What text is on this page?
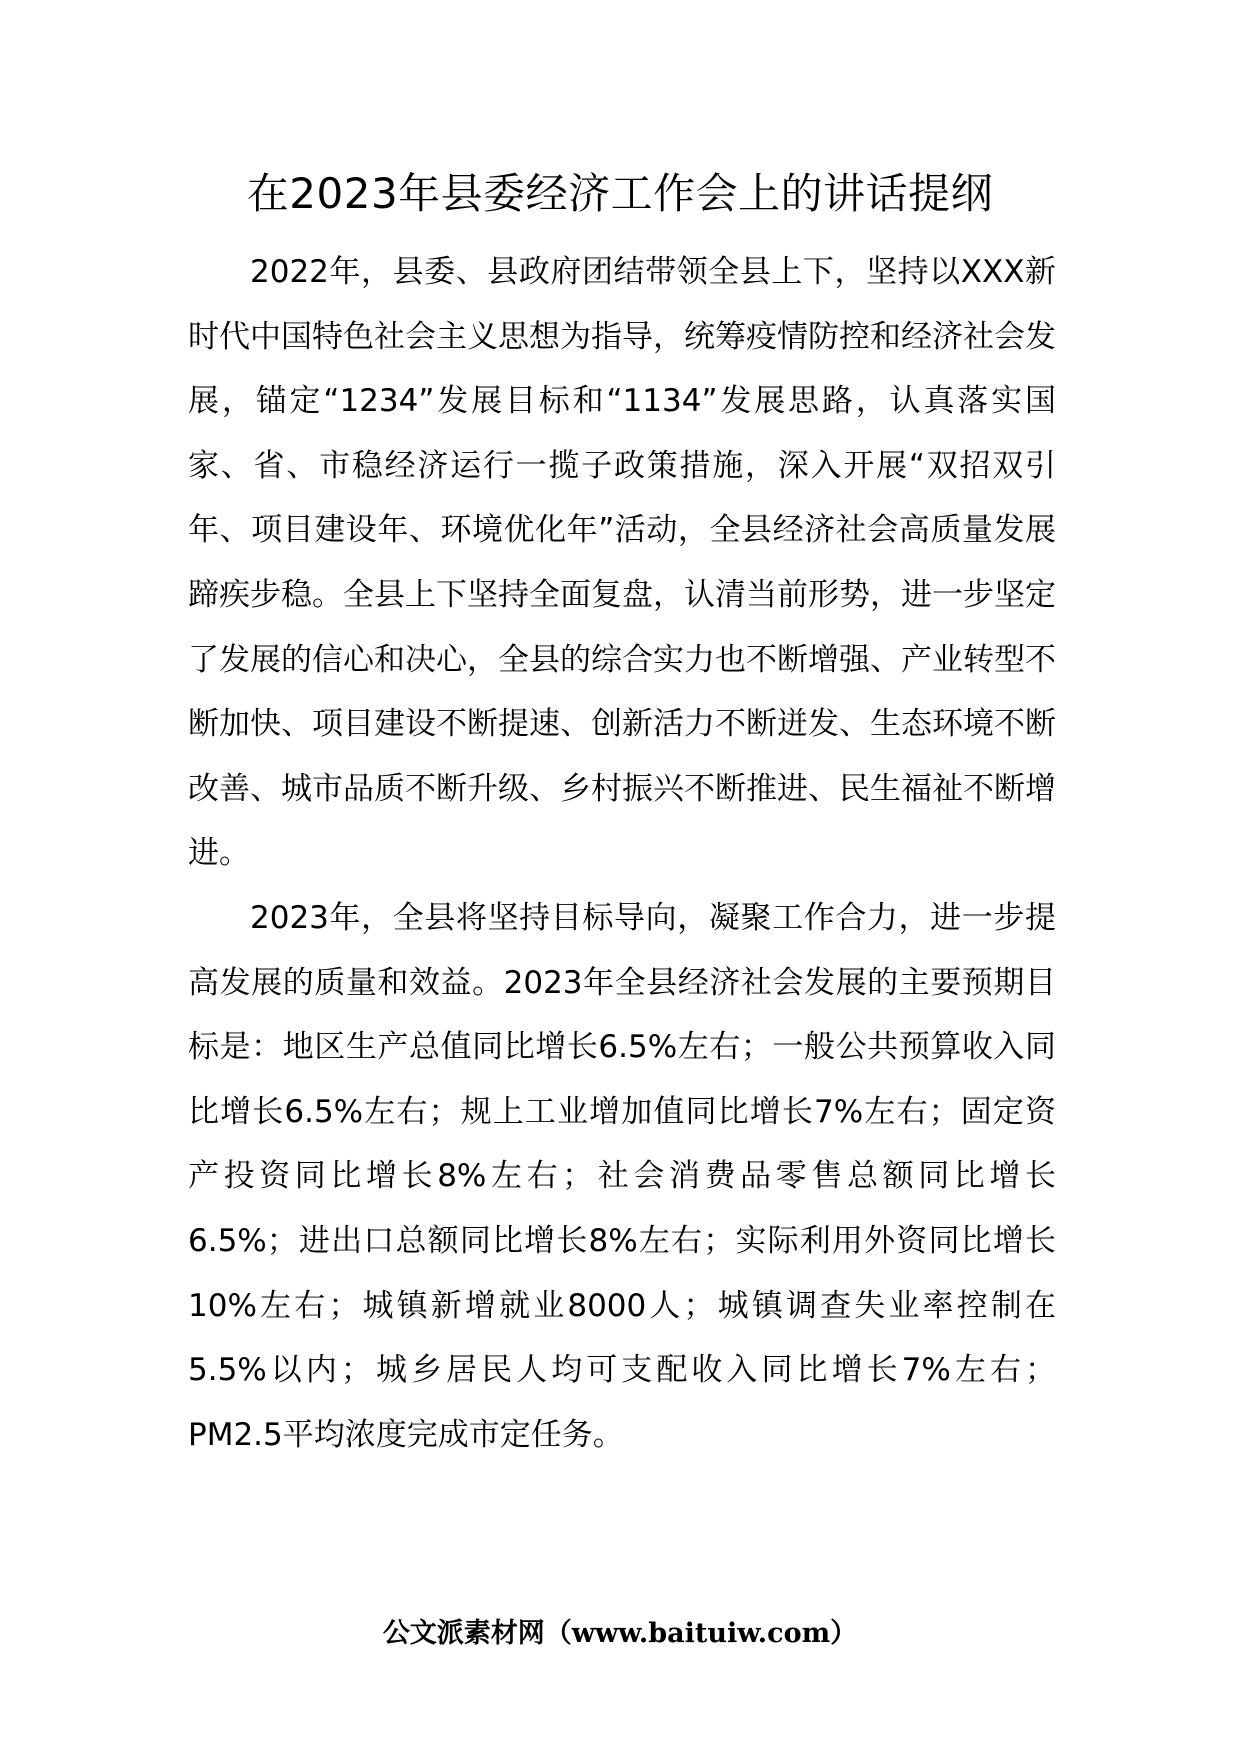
在2023年县委经济工作会上的讲话提纲

2022年，县委、县政府团结带领全县上下，坚持以XXX新时代中国特色社会主义思想为指导，统筹疫情防控和经济社会发展，锚定“1234”发展目标和“1134”发展思路，认真落实国家、省、市稳经济运行一揽子政策措施，深入开展“双招双引年、项目建设年、环境优化年”活动，全县经济社会高质量发展蹄疾步稳。全县上下坚持全面复盘，认清当前形势，进一步坚定了发展的信心和决心，全县的综合实力也不断增强、产业转型不断加快、项目建设不断提速、创新活力不断迸发、生态环境不断改善、城市品质不断升级、乡村振兴不断推进、民生福祉不断增进。

2023年，全县将坚持目标导向，凝聚工作合力，进一步提高发展的质量和效益。2023年全县经济社会发展的主要预期目标是：地区生产总值同比增长6.5%左右；一般公共预算收入同比增长6.5%左右；规上工业增加值同比增长7%左右；固定资产投资同比增长8%左右；社会消费品零售总额同比增长6.5%；进出口总额同比增长8%左右；实际利用外资同比增长10%左右；城镇新增就业8000人；城镇调查失业率控制在5.5%以内；城乡居民人均可支配收入同比增长7%左右；PM2.5平均浓度完成市定任务。

公文派素材网（www.baituiw.com）
